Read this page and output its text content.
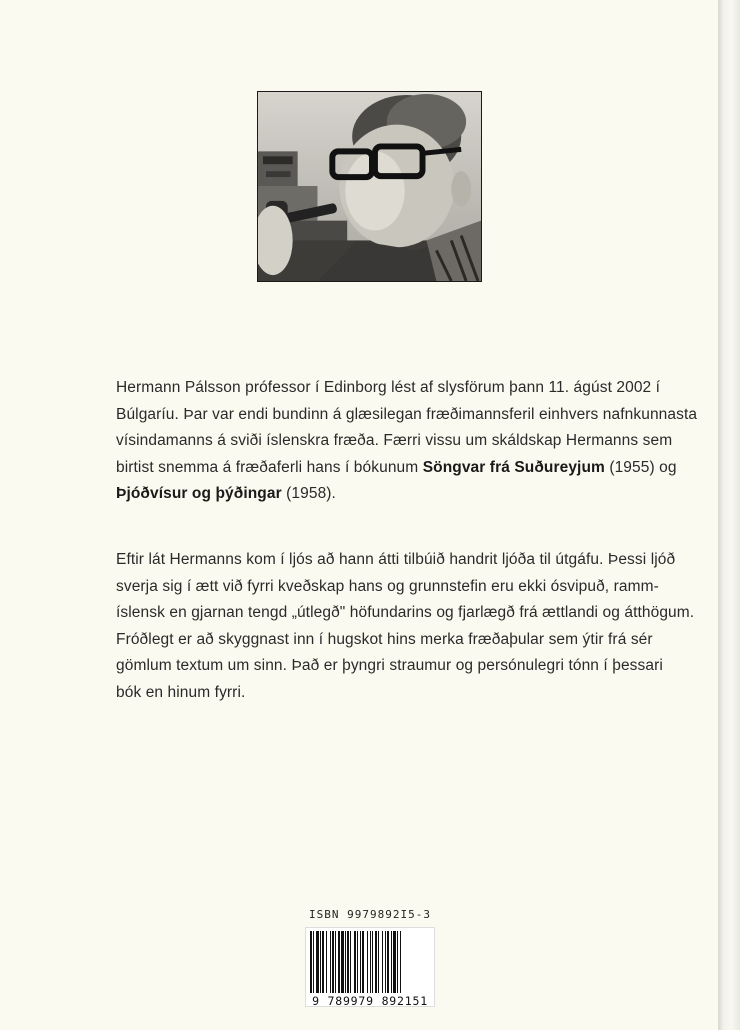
Hermann Pálsson prófessor í Edinborg lést af slysförum þann 11. ágúst 2002 í
Búlgaríu. Þar var endi bundinn á glæsilegan fræðimannsferil einhvers nafnkunnasta
vísindamanns á sviði íslenskra fræða. Færri vissu um skáldskap Hermanns sem
birtist snemma á fræðaferli hans í bókunum Söngvar frá Suðureyjum (1955) og
Þjóðvísur og þýðingar (1958).
Eftir lát Hermanns kom í ljós að hann átti tilbúið handrit ljóða til útgáfu. Þessi ljóð
sverja sig í ætt við fyrri kveðskap hans og grunnstefin eru ekki ósvipuð, ramm-
íslensk en gjarnan tengd „útlegð" höfundarins og fjarlægð frá ættlandi og átthögum.
Fróðlegt er að skyggnast inn í hugskot hins merka fræðaþular sem ýtir frá sér
gömlum textum um sinn. Það er þyngri straumur og persónulegri tónn í þessari
bók en hinum fyrri.
ISBN 9979892I5-3
9 789979 892151
